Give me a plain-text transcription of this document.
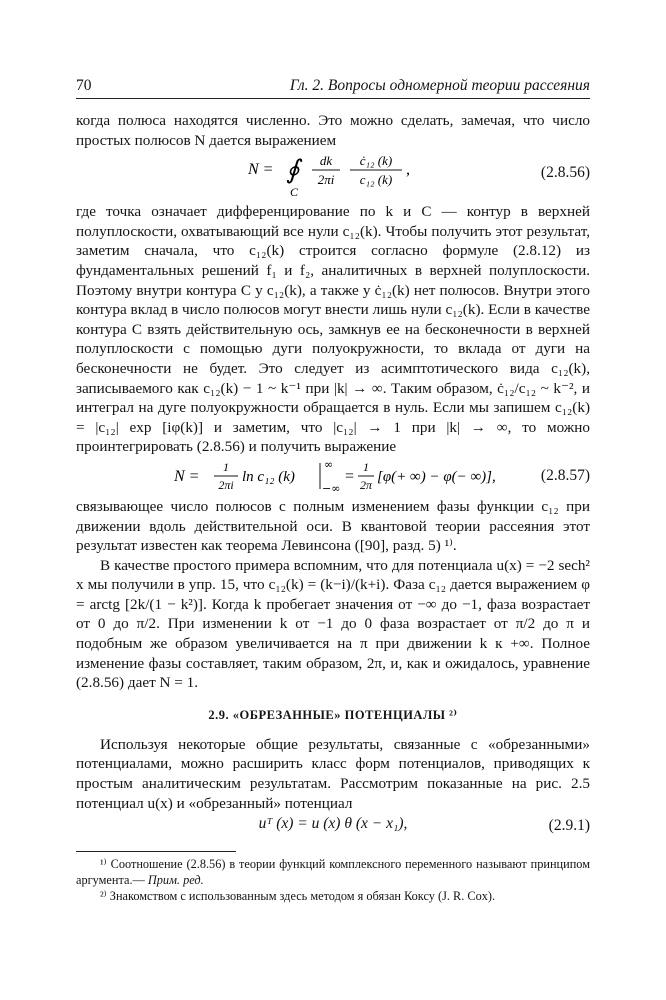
70	Гл. 2. Вопросы одномерной теории рассеяния

когда полюса находятся численно. Это можно сделать, замечая, что число простых полюсов N дается выражением

N = ∮
C
dk
2πi
ċ₁₂ (k)
c₁₂ (k)
,	(2.8.56)

где точка означает дифференцирование по k и C — контур в верхней полуплоскости, охватывающий все нули c₁₂(k). Чтобы получить этот результат, заметим сначала, что c₁₂(k) строится согласно формуле (2.8.12) из фундаментальных решений f₁ и f₂, аналитичных в верхней полуплоскости. Поэтому внутри контура C у c₁₂(k), а также у ċ₁₂(k) нет полюсов. Внутри этого контура вклад в число полюсов могут внести лишь нули c₁₂(k). Если в качестве контура C взять действительную ось, замкнув ее на бесконечности в верхней полуплоскости с помощью дуги полуокружности, то вклада от дуги на бесконечности не будет. Это следует из асимптотического вида c₁₂(k), записываемого как c₁₂(k) − 1 ~ k⁻¹ при |k| → ∞. Таким образом, ċ₁₂/c₁₂ ~ k⁻², и интеграл на дуге полуокружности обращается в нуль. Если мы запишем c₁₂(k) = |c₁₂| exp [iφ(k)] и заметим, что |c₁₂| → 1 при |k| → ∞, то можно проинтегрировать (2.8.56) и получить выражение

N =
1
2πi ln c₁₂ (k)
∞
−∞
=
1
2π [φ(+ ∞) − φ(− ∞)],	(2.8.57)

связывающее число полюсов с полным изменением фазы функции c₁₂ при движении вдоль действительной оси. В квантовой теории рассеяния этот результат известен как теорема Левинсона ([90], разд. 5) ¹⁾.

В качестве простого примера вспомним, что для потенциала u(x) = −2 sech² x мы получили в упр. 15, что c₁₂(k) = (k−i)/(k+i). Фаза c₁₂ дается выражением φ = arctg [2k/(1 − k²)]. Когда k пробегает значения от −∞ до −1, фаза возрастает от 0 до π/2. При изменении k от −1 до 0 фаза возрастает от π/2 до π и подобным же образом увеличивается на π при движении k к +∞. Полное изменение фазы составляет, таким образом, 2π, и, как и ожидалось, уравнение (2.8.56) дает N = 1.

2.9. «ОБРЕЗАННЫЕ» ПОТЕНЦИАЛЫ ²⁾

Используя некоторые общие результаты, связанные с «обрезанными» потенциалами, можно расширить класс форм потенциалов, приводящих к простым аналитическим результатам. Рассмотрим показанные на рис. 2.5 потенциал u(x) и «обрезанный» потенциал

uᵀ (x) = u (x) θ (x − x₁),	(2.9.1)

¹⁾ Соотношение (2.8.56) в теории функций комплексного переменного называют принципом аргумента.— Прим. ред.

²⁾ Знакомством с использованным здесь методом я обязан Коксу (J. R. Cox).
